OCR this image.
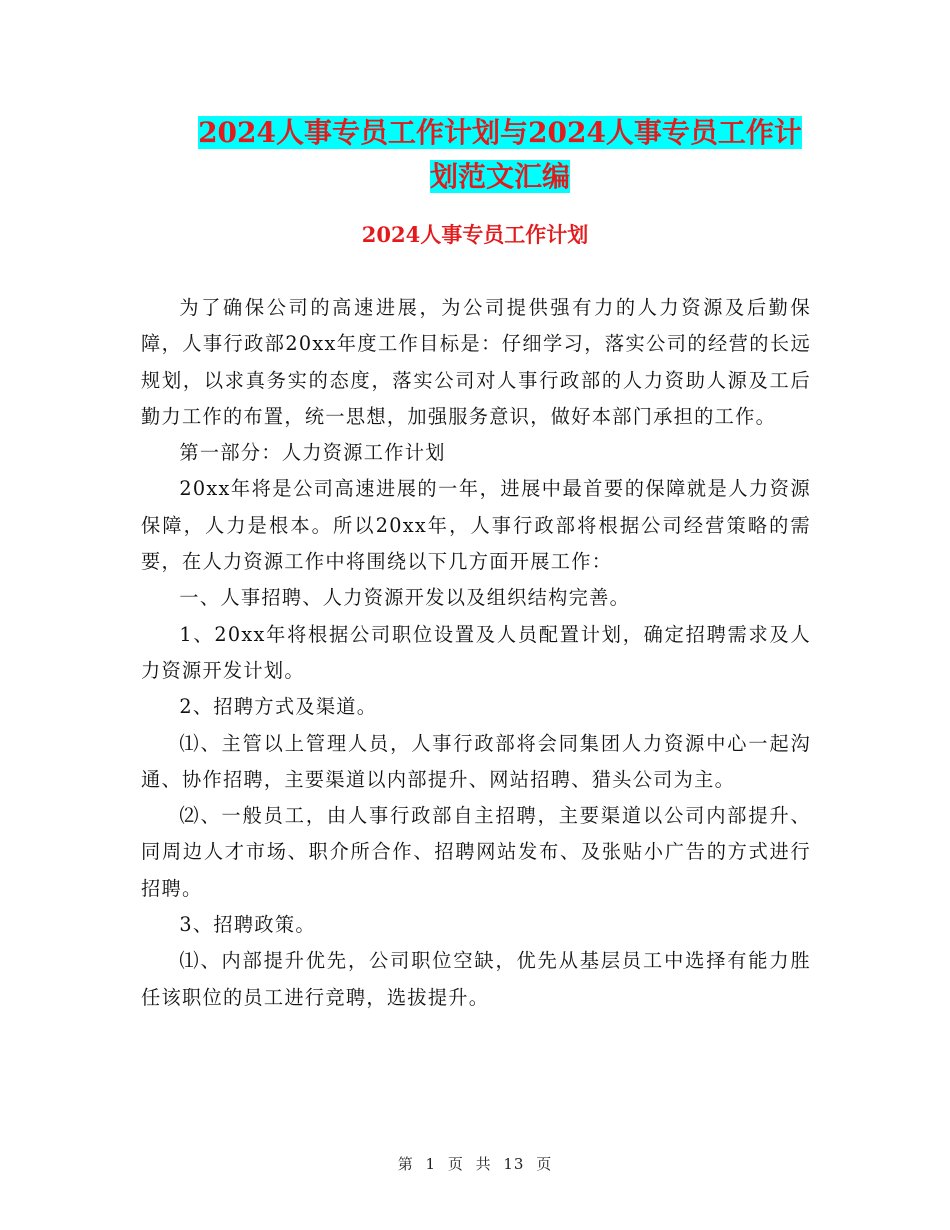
2024人事专员工作计划与2024人事专员工作计划范文汇编
2024人事专员工作计划

为了确保公司的高速进展，为公司提供强有力的人力资源及后勤保障，人事行政部20xx年度工作目标是：仔细学习，落实公司的经营的长远规划，以求真务实的态度，落实公司对人事行政部的人力资助人源及工后勤力工作的布置，统一思想，加强服务意识，做好本部门承担的工作。

第一部分：人力资源工作计划

20xx年将是公司高速进展的一年，进展中最首要的保障就是人力资源保障，人力是根本。所以20xx年，人事行政部将根据公司经营策略的需要，在人力资源工作中将围绕以下几方面开展工作：

一、人事招聘、人力资源开发以及组织结构完善。

1、20xx年将根据公司职位设置及人员配置计划，确定招聘需求及人力资源开发计划。

2、招聘方式及渠道。

⑴、主管以上管理人员，人事行政部将会同集团人力资源中心一起沟通、协作招聘，主要渠道以内部提升、网站招聘、猎头公司为主。

⑵、一般员工，由人事行政部自主招聘，主要渠道以公司内部提升、同周边人才市场、职介所合作、招聘网站发布、及张贴小广告的方式进行招聘。

3、招聘政策。

⑴、内部提升优先，公司职位空缺，优先从基层员工中选择有能力胜任该职位的员工进行竞聘，选拔提升。

第 1 页 共 13 页
